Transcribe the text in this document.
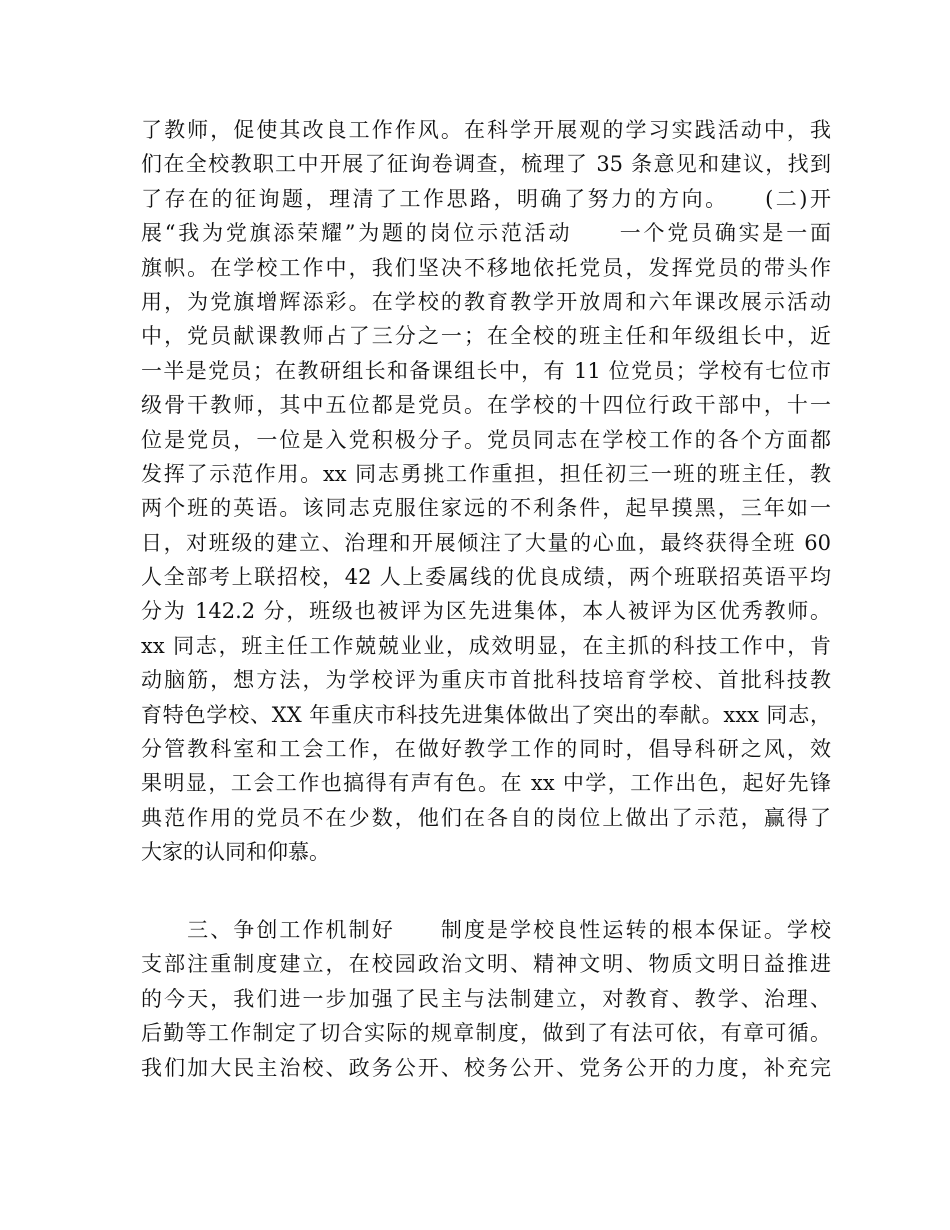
了教师，促使其改良工作作风。在科学开展观的学习实践活动中，我
们在全校教职工中开展了征询卷调查，梳理了 35 条意见和建议，找到
了存在的征询题，理清了工作思路，明确了努力的方向。　　(二)开
展“我为党旗添荣耀”为题的岗位示范活动　　一个党员确实是一面
旗帜。在学校工作中，我们坚决不移地依托党员，发挥党员的带头作
用，为党旗增辉添彩。在学校的教育教学开放周和六年课改展示活动
中，党员献课教师占了三分之一；在全校的班主任和年级组长中，近
一半是党员；在教研组长和备课组长中，有 11 位党员；学校有七位市
级骨干教师，其中五位都是党员。在学校的十四位行政干部中，十一
位是党员，一位是入党积极分子。党员同志在学校工作的各个方面都
发挥了示范作用。xx 同志勇挑工作重担，担任初三一班的班主任，教
两个班的英语。该同志克服住家远的不利条件，起早摸黑，三年如一
日，对班级的建立、治理和开展倾注了大量的心血，最终获得全班 60
人全部考上联招校，42 人上委属线的优良成绩，两个班联招英语平均
分为 142.2 分，班级也被评为区先进集体，本人被评为区优秀教师。
xx 同志，班主任工作兢兢业业，成效明显，在主抓的科技工作中，肯
动脑筋，想方法，为学校评为重庆市首批科技培育学校、首批科技教
育特色学校、XX 年重庆市科技先进集体做出了突出的奉献。xxx 同志，
分管教科室和工会工作，在做好教学工作的同时，倡导科研之风，效
果明显，工会工作也搞得有声有色。在 xx 中学，工作出色，起好先锋
典范作用的党员不在少数，他们在各自的岗位上做出了示范，赢得了
大家的认同和仰慕。
　　三、争创工作机制好　　制度是学校良性运转的根本保证。学校
支部注重制度建立，在校园政治文明、精神文明、物质文明日益推进
的今天，我们进一步加强了民主与法制建立，对教育、教学、治理、
后勤等工作制定了切合实际的规章制度，做到了有法可依，有章可循。
我们加大民主治校、政务公开、校务公开、党务公开的力度，补充完
